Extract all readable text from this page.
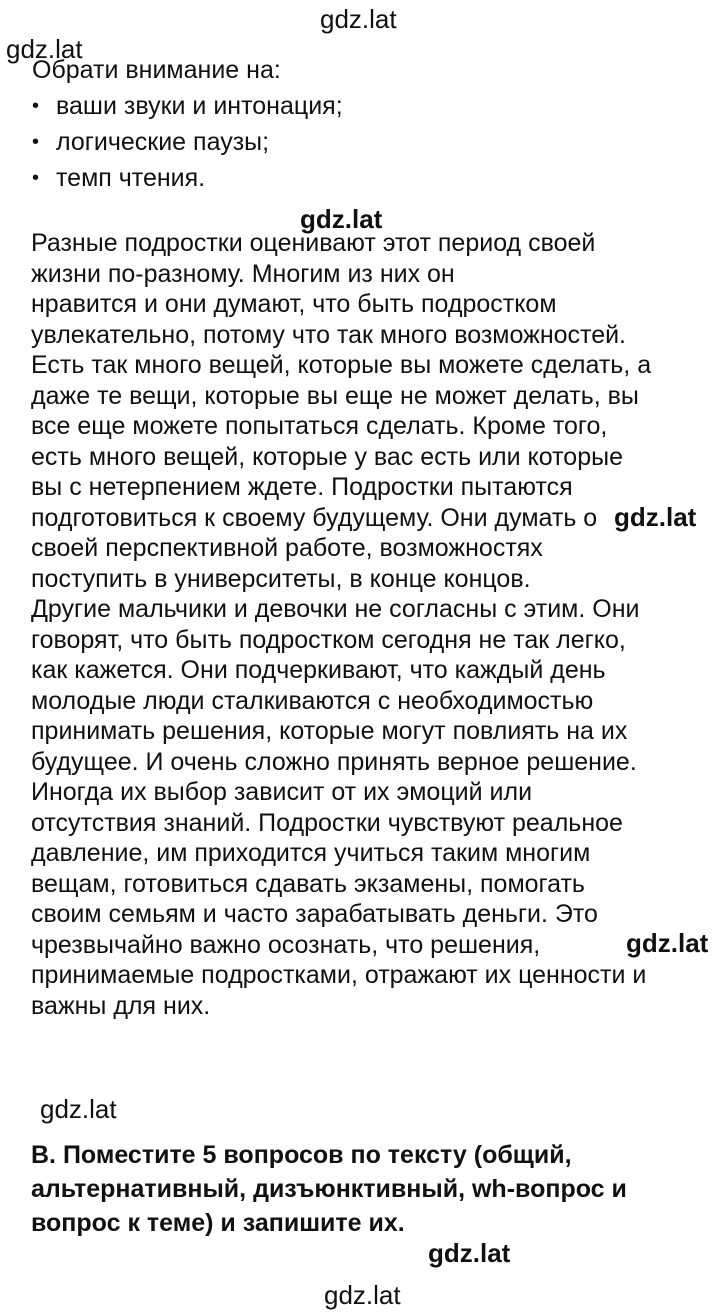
gdz.lat
gdz.lat
gdz.lat
gdz.lat
gdz.lat
gdz.lat
gdz.lat
gdz.lat
Обрати внимание на:
• ваши звуки и интонация;
• логические паузы;
• темп чтения.
Разные подростки оценивают этот период своей
жизни по-разному. Многим из них он
нравится и они думают, что быть подростком
увлекательно, потому что так много возможностей.
Есть так много вещей, которые вы можете сделать, а
даже те вещи, которые вы еще не может делать, вы
все еще можете попытаться сделать. Кроме того,
есть много вещей, которые у вас есть или которые
вы с нетерпением ждете. Подростки пытаются
подготовиться к своему будущему. Они думать о
своей перспективной работе, возможностях
поступить в университеты, в конце концов.
Другие мальчики и девочки не согласны с этим. Они
говорят, что быть подростком сегодня не так легко,
как кажется. Они подчеркивают, что каждый день
молодые люди сталкиваются с необходимостью
принимать решения, которые могут повлиять на их
будущее. И очень сложно принять верное решение.
Иногда их выбор зависит от их эмоций или
отсутствия знаний. Подростки чувствуют реальное
давление, им приходится учиться таким многим
вещам, готовиться сдавать экзамены, помогать
своим семьям и часто зарабатывать деньги. Это
чрезвычайно важно осознать, что решения,
принимаемые подростками, отражают их ценности и
важны для них.
B. Поместите 5 вопросов по тексту (общий,
альтернативный, дизъюнктивный, wh-вопрос и
вопрос к теме) и запишите их.
